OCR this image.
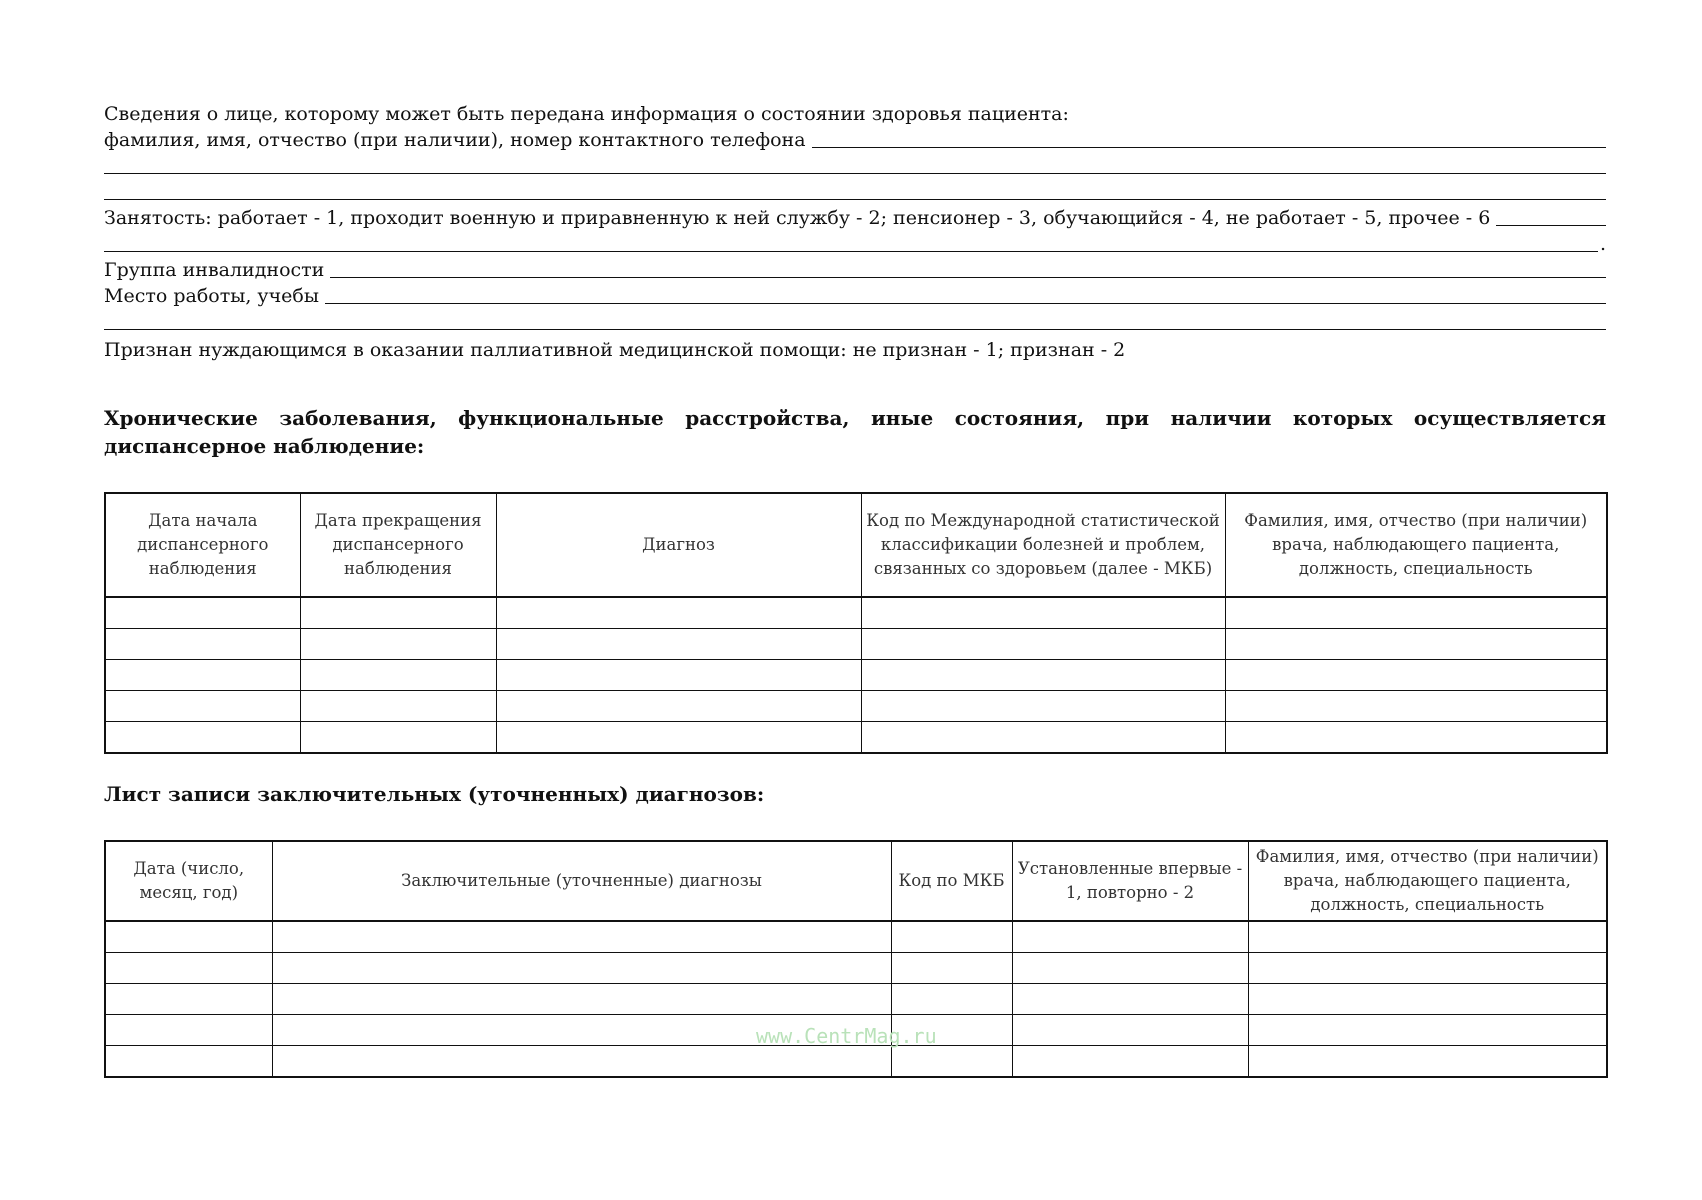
Сведения о лице, которому может быть передана информация о состоянии здоровья пациента:
фамилия, имя, отчество (при наличии), номер контактного телефона
Занятость: работает - 1, проходит военную и приравненную к ней службу - 2; пенсионер - 3, обучающийся - 4, не работает - 5, прочее - 6
.
Группа инвалидности
Место работы, учебы
Признан нуждающимся в оказании паллиативной медицинской помощи: не признан - 1; признан - 2
Хронические заболевания, функциональные расстройства, иные состояния, при наличии которых осуществляется диспансерное наблюдение:
Дата начала диспансерного наблюдения	Дата прекращения диспансерного наблюдения	Диагноз	Код по Международной статистической классификации болезней и проблем, связанных со здоровьем (далее - МКБ)	Фамилия, имя, отчество (при наличии) врача, наблюдающего пациента, должность, специальность

Лист записи заключительных (уточненных) диагнозов:
Дата (число, месяц, год)	Заключительные (уточненные) диагнозы	Код по МКБ	Установленные впервые - 1, повторно - 2	Фамилия, имя, отчество (при наличии) врача, наблюдающего пациента, должность, специальность

www.CentrMag.ru
